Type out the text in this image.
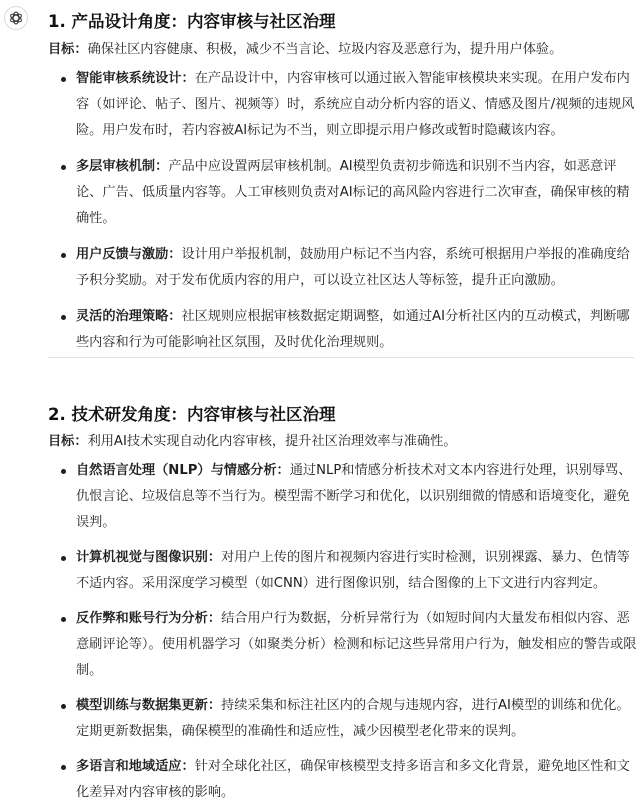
1. 产品设计角度：内容审核与社区治理
目标：确保社区内容健康、积极，减少不当言论、垃圾内容及恶意行为，提升用户体验。
智能审核系统设计：在产品设计中，内容审核可以通过嵌入智能审核模块来实现。在用户发布内
容（如评论、帖子、图片、视频等）时，系统应自动分析内容的语义、情感及图片/视频的违规风
险。用户发布时，若内容被AI标记为不当，则立即提示用户修改或暂时隐藏该内容。
多层审核机制：产品中应设置两层审核机制。AI模型负责初步筛选和识别不当内容，如恶意评
论、广告、低质量内容等。人工审核则负责对AI标记的高风险内容进行二次审查，确保审核的精
确性。
用户反馈与激励：设计用户举报机制，鼓励用户标记不当内容，系统可根据用户举报的准确度给
予积分奖励。对于发布优质内容的用户，可以设立社区达人等标签，提升正向激励。
灵活的治理策略：社区规则应根据审核数据定期调整，如通过AI分析社区内的互动模式，判断哪
些内容和行为可能影响社区氛围，及时优化治理规则。
2. 技术研发角度：内容审核与社区治理
目标：利用AI技术实现自动化内容审核，提升社区治理效率与准确性。
自然语言处理（NLP）与情感分析：通过NLP和情感分析技术对文本内容进行处理，识别辱骂、
仇恨言论、垃圾信息等不当行为。模型需不断学习和优化，以识别细微的情感和语境变化，避免
误判。
计算机视觉与图像识别：对用户上传的图片和视频内容进行实时检测，识别裸露、暴力、色情等
不适内容。采用深度学习模型（如CNN）进行图像识别，结合图像的上下文进行内容判定。
反作弊和账号行为分析：结合用户行为数据，分析异常行为（如短时间内大量发布相似内容、恶
意刷评论等）。使用机器学习（如聚类分析）检测和标记这些异常用户行为，触发相应的警告或限
制。
模型训练与数据集更新：持续采集和标注社区内的合规与违规内容，进行AI模型的训练和优化。
定期更新数据集，确保模型的准确性和适应性，减少因模型老化带来的误判。
多语言和地域适应：针对全球化社区，确保审核模型支持多语言和多文化背景，避免地区性和文
化差异对内容审核的影响。
